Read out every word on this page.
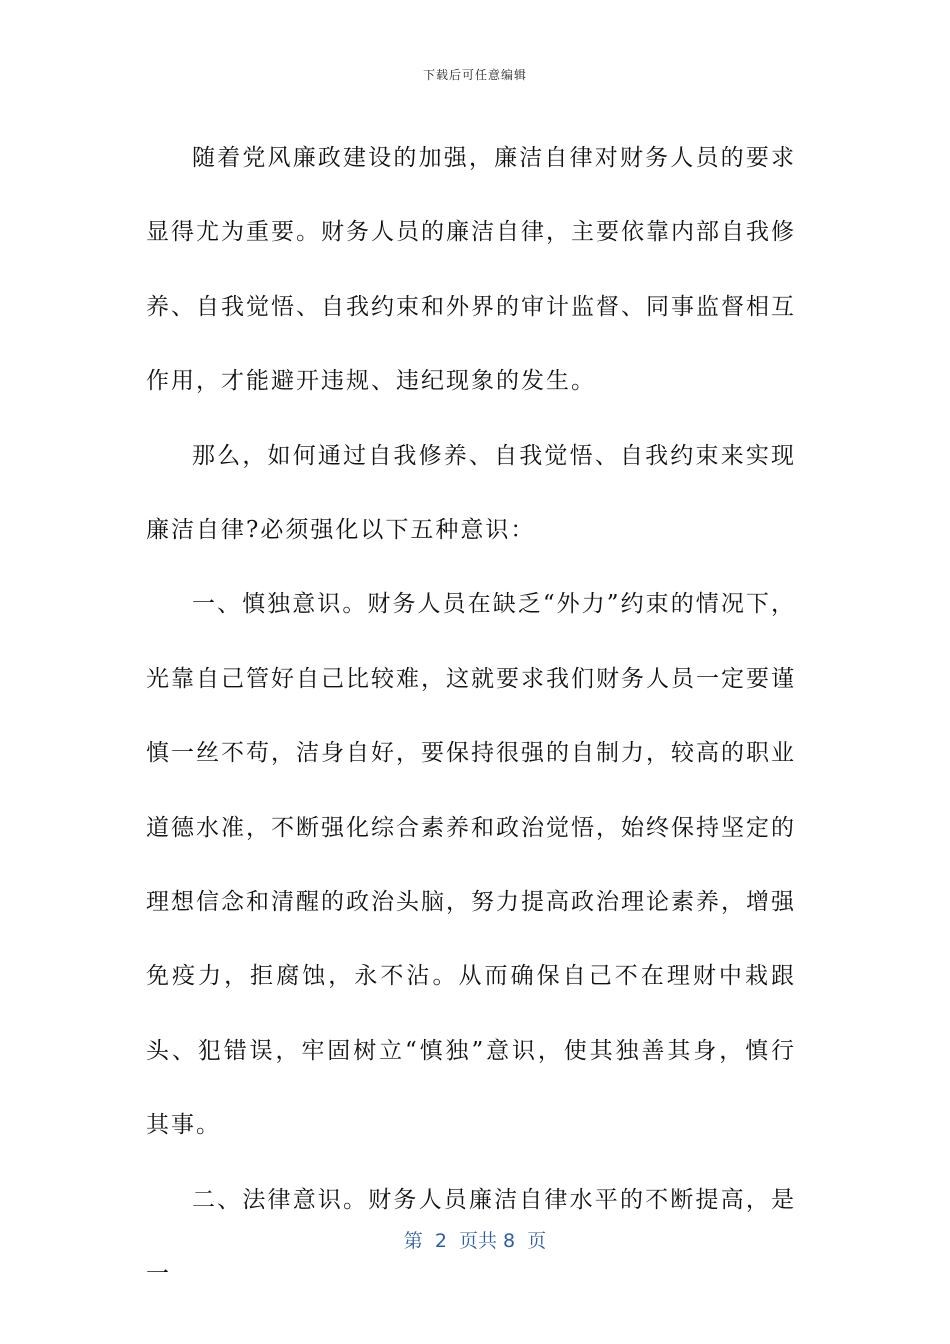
下载后可任意编辑

随着党风廉政建设的加强，廉洁自律对财务人员的要求显得尤为重要。财务人员的廉洁自律，主要依靠内部自我修养、自我觉悟、自我约束和外界的审计监督、同事监督相互作用，才能避开违规、违纪现象的发生。

那么，如何通过自我修养、自我觉悟、自我约束来实现廉洁自律?必须强化以下五种意识：

一、慎独意识。财务人员在缺乏“外力”约束的情况下，光靠自己管好自己比较难，这就要求我们财务人员一定要谨慎一丝不苟，洁身自好，要保持很强的自制力，较高的职业道德水准，不断强化综合素养和政治觉悟，始终保持坚定的理想信念和清醒的政治头脑，努力提高政治理论素养，增强免疫力，拒腐蚀，永不沾。从而确保自己不在理财中栽跟头、犯错误，牢固树立“慎独”意识，使其独善其身，慎行其事。

二、法律意识。财务人员廉洁自律水平的不断提高，是一

第  2  页共 8  页
